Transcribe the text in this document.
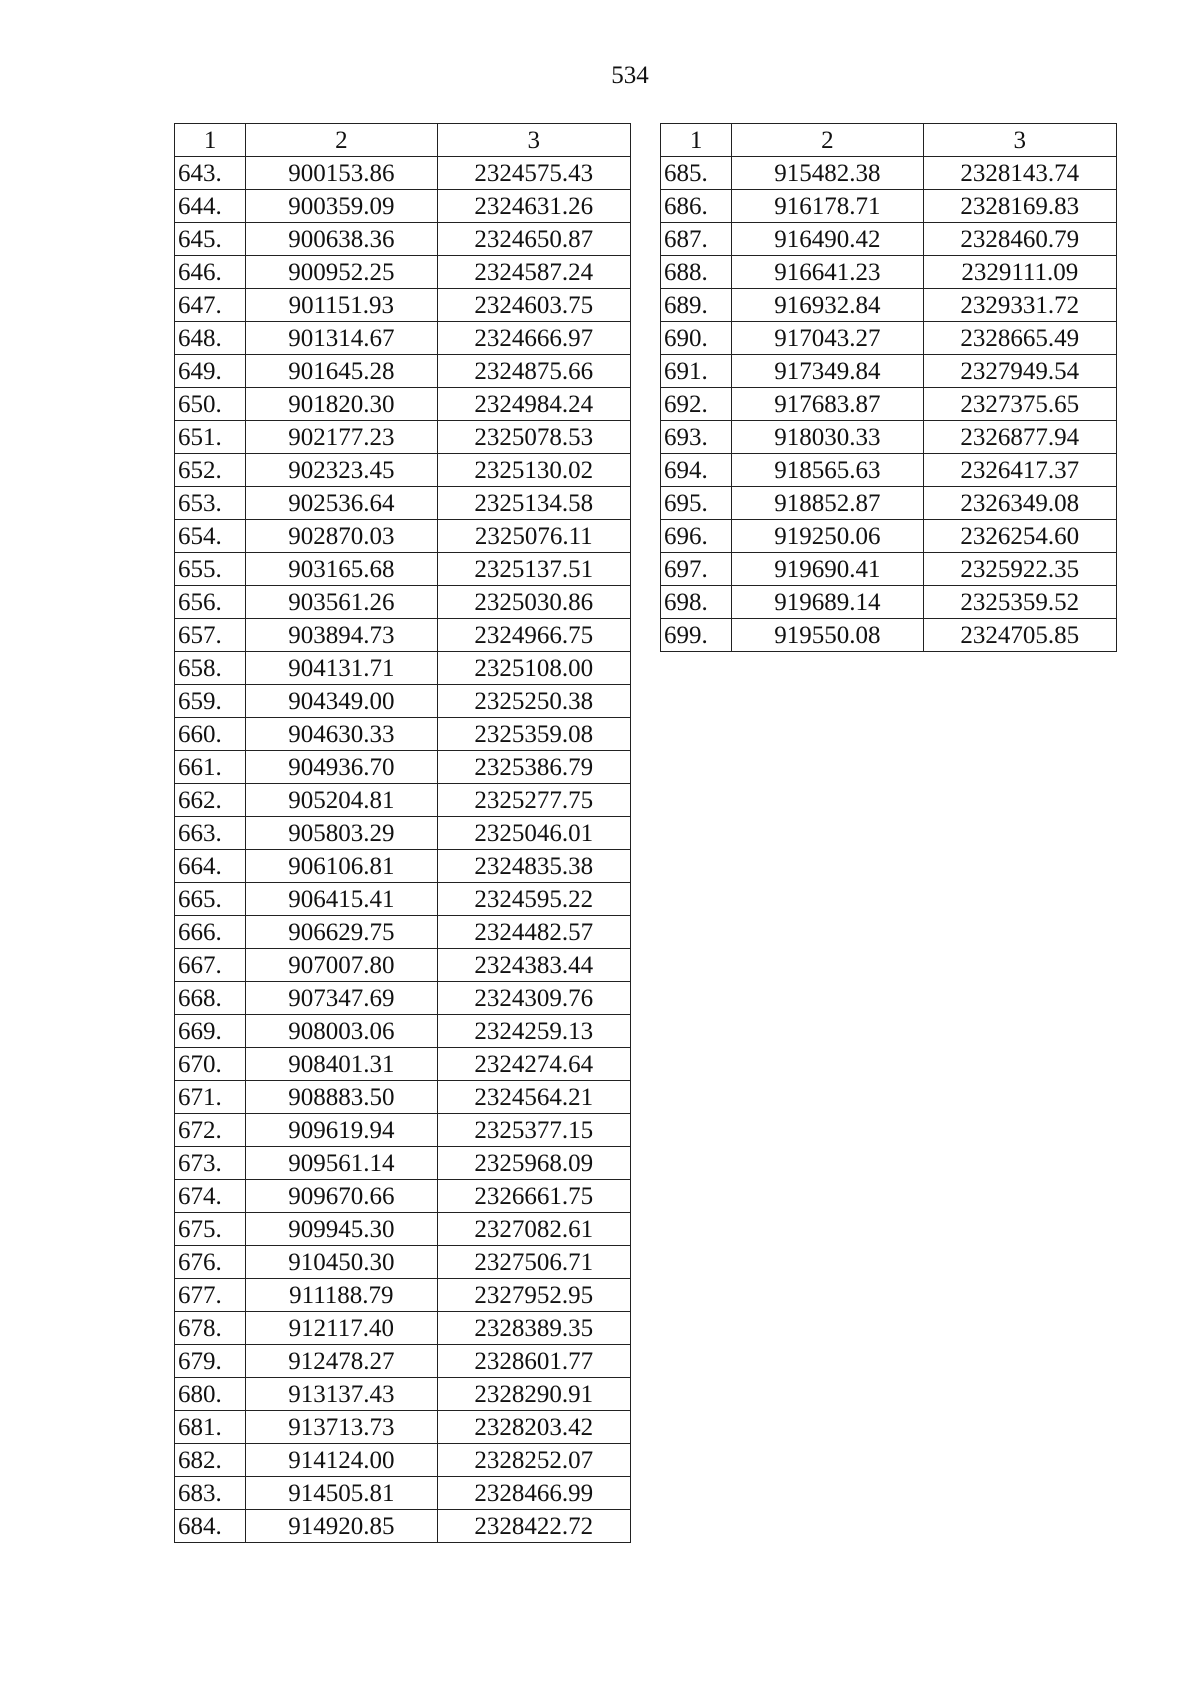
534
1	2	3
643.	900153.86	2324575.43
644.	900359.09	2324631.26
645.	900638.36	2324650.87
646.	900952.25	2324587.24
647.	901151.93	2324603.75
648.	901314.67	2324666.97
649.	901645.28	2324875.66
650.	901820.30	2324984.24
651.	902177.23	2325078.53
652.	902323.45	2325130.02
653.	902536.64	2325134.58
654.	902870.03	2325076.11
655.	903165.68	2325137.51
656.	903561.26	2325030.86
657.	903894.73	2324966.75
658.	904131.71	2325108.00
659.	904349.00	2325250.38
660.	904630.33	2325359.08
661.	904936.70	2325386.79
662.	905204.81	2325277.75
663.	905803.29	2325046.01
664.	906106.81	2324835.38
665.	906415.41	2324595.22
666.	906629.75	2324482.57
667.	907007.80	2324383.44
668.	907347.69	2324309.76
669.	908003.06	2324259.13
670.	908401.31	2324274.64
671.	908883.50	2324564.21
672.	909619.94	2325377.15
673.	909561.14	2325968.09
674.	909670.66	2326661.75
675.	909945.30	2327082.61
676.	910450.30	2327506.71
677.	911188.79	2327952.95
678.	912117.40	2328389.35
679.	912478.27	2328601.77
680.	913137.43	2328290.91
681.	913713.73	2328203.42
682.	914124.00	2328252.07
683.	914505.81	2328466.99
684.	914920.85	2328422.72
1	2	3
685.	915482.38	2328143.74
686.	916178.71	2328169.83
687.	916490.42	2328460.79
688.	916641.23	2329111.09
689.	916932.84	2329331.72
690.	917043.27	2328665.49
691.	917349.84	2327949.54
692.	917683.87	2327375.65
693.	918030.33	2326877.94
694.	918565.63	2326417.37
695.	918852.87	2326349.08
696.	919250.06	2326254.60
697.	919690.41	2325922.35
698.	919689.14	2325359.52
699.	919550.08	2324705.85
